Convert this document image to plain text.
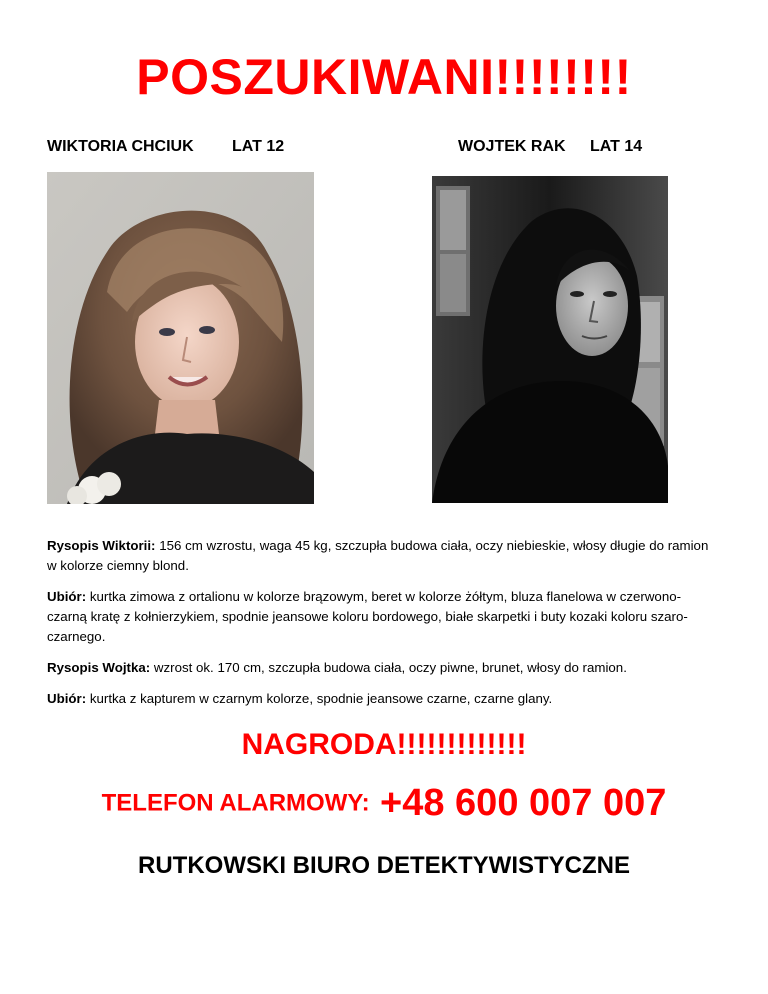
POSZUKIWANI!!!!!!!!
WIKTORIA CHCIUK LAT 12	WOJTEK RAK LAT 14
Rysopis Wiktorii: 156 cm wzrostu, waga 45 kg, szczupła budowa ciała, oczy niebieskie, włosy długie do ramion w kolorze ciemny blond.
Ubiór: kurtka zimowa z ortalionu w kolorze brązowym, beret w kolorze żółtym, bluza flanelowa w czerwono-czarną kratę z kołnierzykiem, spodnie jeansowe koloru bordowego, białe skarpetki i buty kozaki koloru szaro-czarnego.
Rysopis Wojtka: wzrost ok. 170 cm, szczupła budowa ciała, oczy piwne, brunet, włosy do ramion.
Ubiór: kurtka z kapturem w czarnym kolorze, spodnie jeansowe czarne, czarne glany.
NAGRODA!!!!!!!!!!!!!
TELEFON ALARMOWY: +48 600 007 007
RUTKOWSKI BIURO DETEKTYWISTYCZNE
